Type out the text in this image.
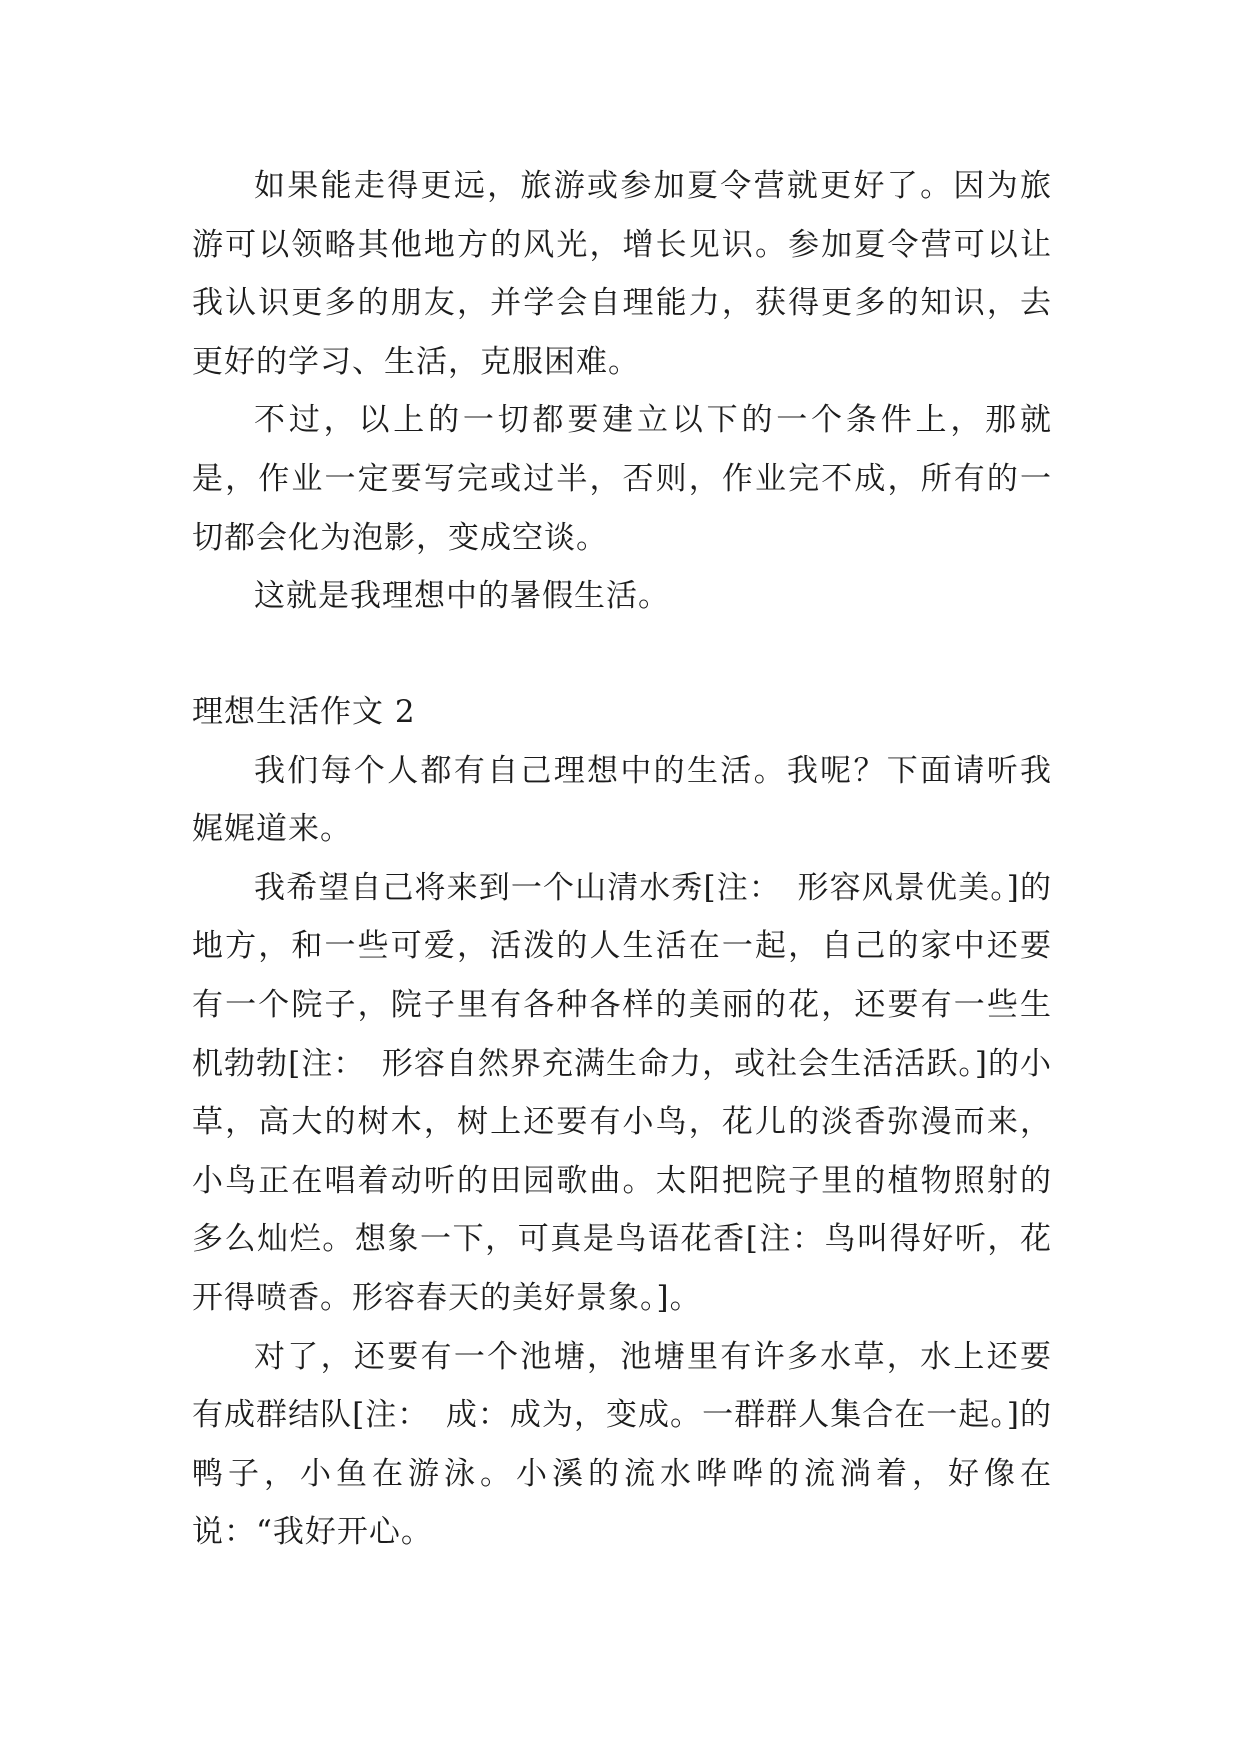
如果能走得更远，旅游或参加夏令营就更好了。因为旅游可以领略其他地方的风光，增长见识。参加夏令营可以让我认识更多的朋友，并学会自理能力，获得更多的知识，去更好的学习、生活，克服困难。

不过，以上的一切都要建立以下的一个条件上，那就是，作业一定要写完或过半，否则，作业完不成，所有的一切都会化为泡影，变成空谈。

这就是我理想中的暑假生活。

理想生活作文 2

我们每个人都有自己理想中的生活。我呢？下面请听我娓娓道来。

我希望自己将来到一个山清水秀[注：　形容风景优美。]的地方，和一些可爱，活泼的人生活在一起，自己的家中还要有一个院子，院子里有各种各样的美丽的花，还要有一些生机勃勃[注：　形容自然界充满生命力，或社会生活活跃。]的小草，高大的树木，树上还要有小鸟，花儿的淡香弥漫而来，小鸟正在唱着动听的田园歌曲。太阳把院子里的植物照射的多么灿烂。想象一下，可真是鸟语花香[注：鸟叫得好听，花开得喷香。形容春天的美好景象。]。

对了，还要有一个池塘，池塘里有许多水草，水上还要有成群结队[注：　成：成为，变成。一群群人集合在一起。]的鸭子，小鱼在游泳。小溪的流水哗哗的流淌着，好像在说：“我好开心。
